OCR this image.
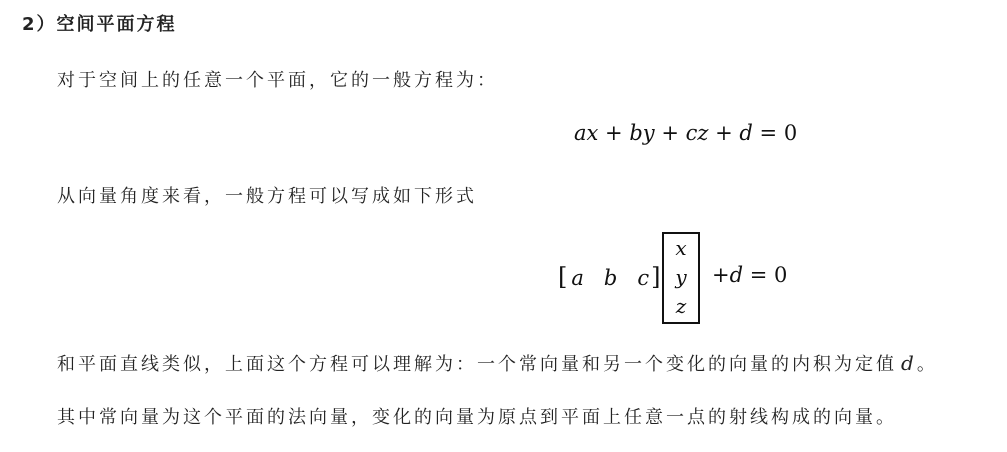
2）空间平面方程
对于空间上的任意一个平面，它的一般方程为：
ax + by + cz + d = 0
从向量角度来看，一般方程可以写成如下形式
[ a b c]
x
y
z
+d = 0
和平面直线类似，上面这个方程可以理解为：一个常向量和另一个变化的向量的内积为定值 d。
其中常向量为这个平面的法向量，变化的向量为原点到平面上任意一点的射线构成的向量。
